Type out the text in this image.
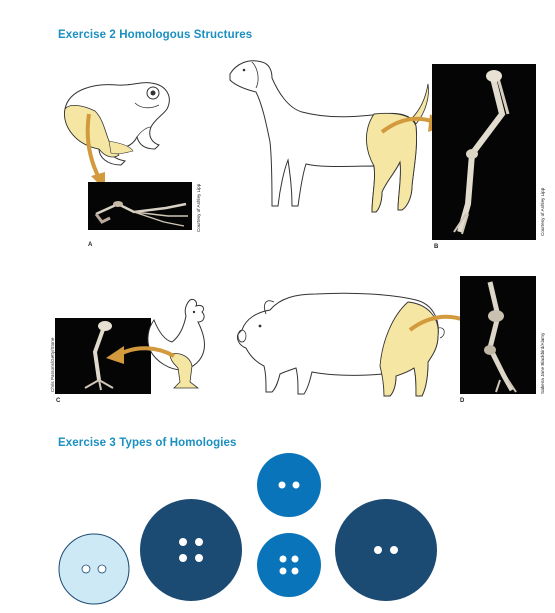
Exercise 2 Homologous Structures
A
Courtesy of Ashley Lipp
B
Courtesy of Ashley Lipp
Chris Parsons/Getty/Stone
C
Sabena Jane Blackbird/Alamy
D
Exercise 3 Types of Homologies
